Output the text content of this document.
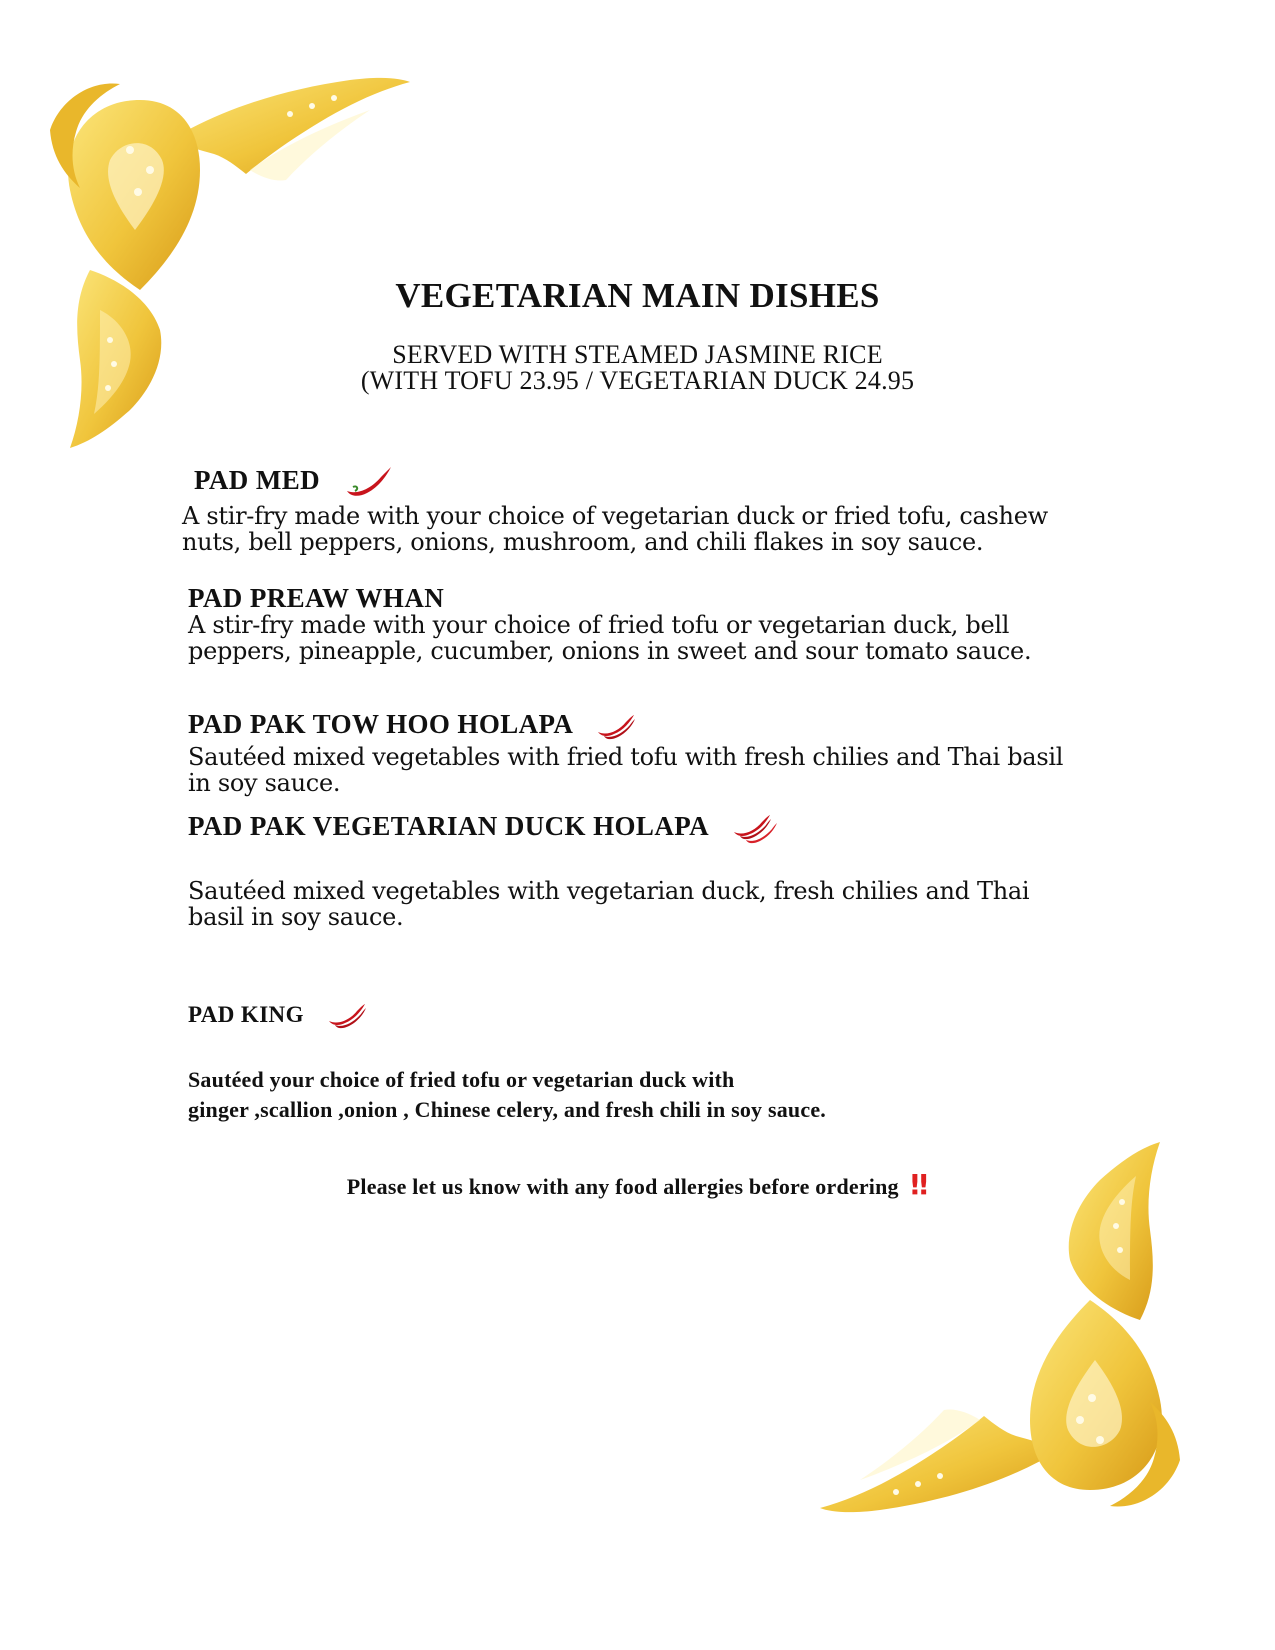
VEGETARIAN MAIN DISHES
SERVED WITH STEAMED JASMINE RICE
(WITH TOFU 23.95 / VEGETARIAN DUCK 24.95
PAD MED
A stir-fry made with your choice of vegetarian duck or fried tofu, cashew nuts, bell peppers, onions, mushroom, and chili flakes in soy sauce.
PAD PREAW WHAN
A stir-fry made with your choice of fried tofu or vegetarian duck, bell peppers, pineapple, cucumber, onions in sweet and sour tomato sauce.
PAD PAK TOW HOO HOLAPA
Sautéed mixed vegetables with fried tofu with fresh chilies and Thai basil in soy sauce.
PAD PAK VEGETARIAN DUCK HOLAPA
Sautéed mixed vegetables with vegetarian duck, fresh chilies and Thai basil in soy sauce.
PAD KING
Sautéed your choice of fried tofu or vegetarian duck with
ginger ,scallion ,onion , Chinese celery, and fresh chili in soy sauce.
Please let us know with any food allergies before ordering ‼
